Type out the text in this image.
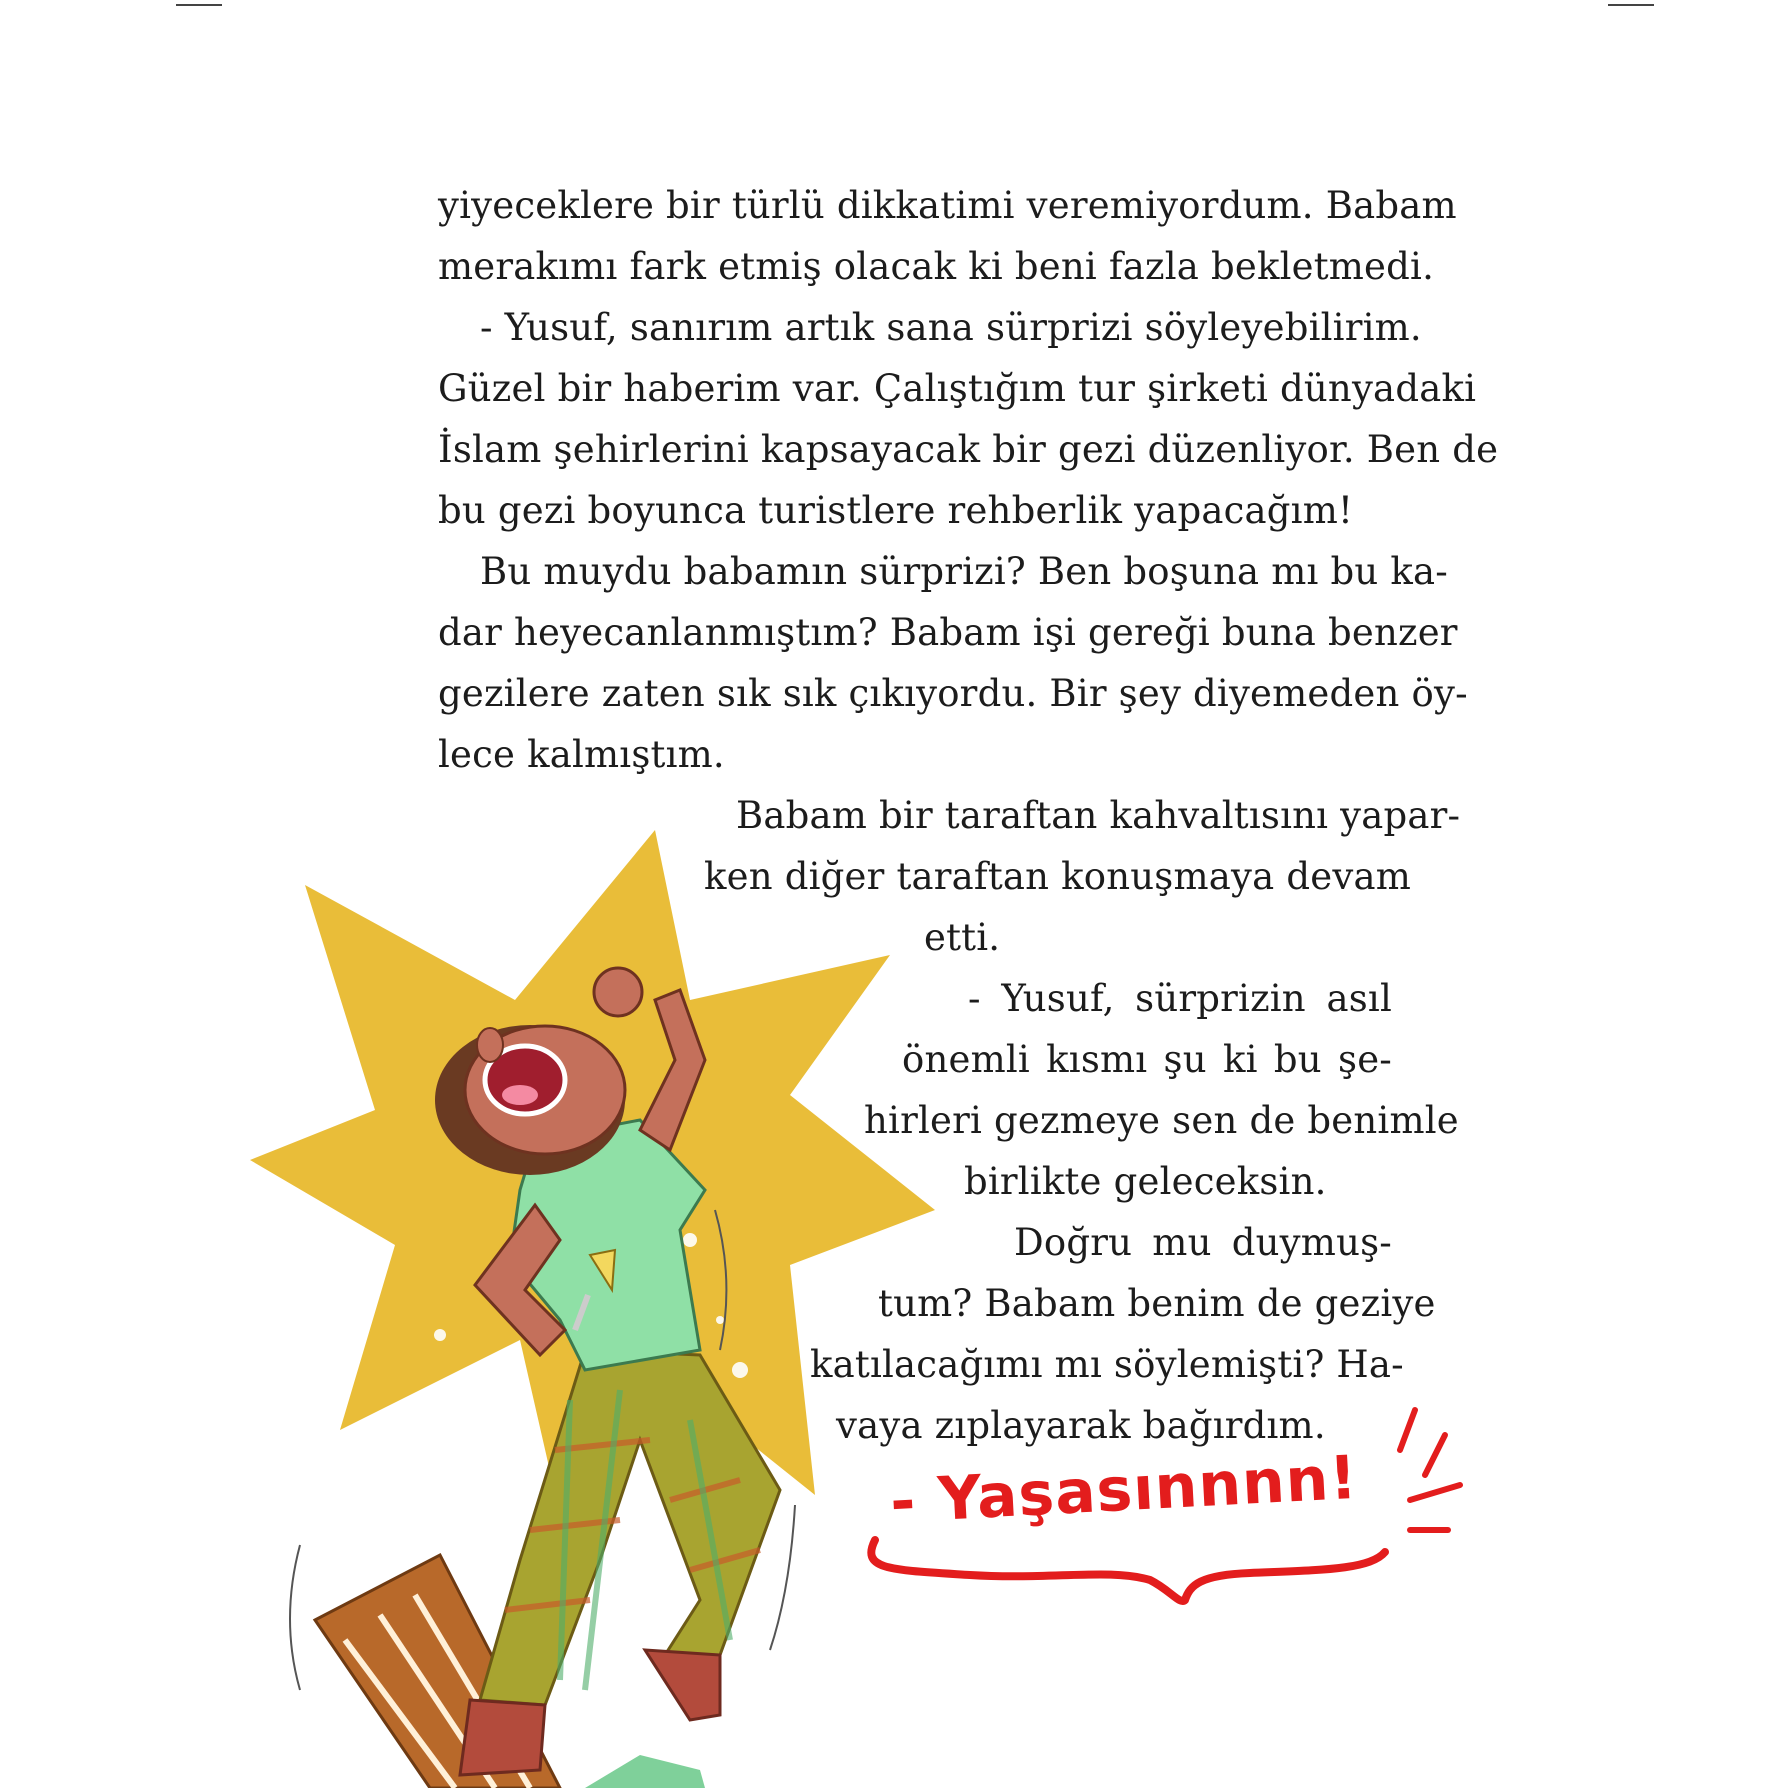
yiyeceklere bir türlü dikkatimi veremiyordum. Babam

merakımı fark etmiş olacak ki beni fazla bekletmedi.

- Yusuf, sanırım artık sana sürprizi söyleyebilirim.

Güzel bir haberim var. Çalıştığım tur şirketi dünyadaki

İslam şehirlerini kapsayacak bir gezi düzenliyor. Ben de

bu gezi boyunca turistlere rehberlik yapacağım!

Bu muydu babamın sürprizi? Ben boşuna mı bu ka-

dar heyecanlanmıştım? Babam işi gereği buna benzer

gezilere zaten sık sık çıkıyordu. Bir şey diyemeden öy-

lece kalmıştım.

Babam bir taraftan kahvaltısını yapar-

ken diğer taraftan konuşmaya devam

etti.

- Yusuf, sürprizin asıl

önemli kısmı şu ki bu şe-

hirleri gezmeye sen de benimle

birlikte geleceksin.

Doğru mu duymuş-

tum? Babam benim de geziye

katılacağımı mı söylemişti? Ha-

vaya zıplayarak bağırdım.

- Yaşasınnnn!
